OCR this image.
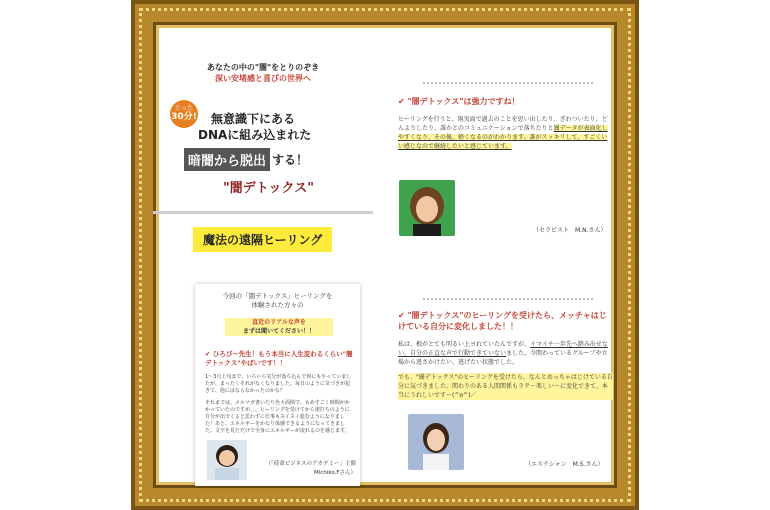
あなたの中の"闇"をとりのぞき
深い安堵感と喜びの世界へ
たった
30分! 無意識下にある
DNAに組み込まれた
暗闇から脱出 する！
"闇デトックス"
魔法の遠隔ヒーリング
今回の「闇デトックス」ヒーリングを
体験された方々の
直近のリアルな声を
まずは聞いてください！！
✔ ひろぴ〜先生！もう本当に人生変わるくらい"闇デトックス"やばいです！！
1〜3月上旬まで、いろいろ気分が落ち込んで何にもやっていましたが、まったくそれがなくなりました。毎日のように気づきが起きて、他にはならなかったのかな？
それまでは、メルマガ書いたり色々面倒で、もめすごく時間がかかっていたのですが、、、ヒーリングを受けてから速打ちのように自分が出でくると思わずに仕事もスイスイ進むようになりました！あと、エネルギーをかなり体感できるようになってきました。文字を見ただけで全身にエネルギーが流れるのを感じます。
（「使命ビジネスのアカデミー」主催　Michiko.Fさん）
✔ "闇デトックス"は強力ですね！
ヒーリングを行うと、現実面で過去のことを思い出したり、ざわついたり、どんよりしたり、誰かとのコミュニケーションで落ちたりと闇データが表面化しやすくなり、その後、軽くなるのがわかります。誰がスッキリして、すごくいい感じなので継続したいと感じています。
（セラピスト　M.N.さん）
✔ "闇デトックス"のヒーリングを受けたら、メッチャはじけている自分に変化しました！！
私は、根がとても明るい上ヨれていたんですが、イマイチ一歩先へ踏み出せない、自分の正直な声で行動できていないました。今関わっているグループや立場から逃さかけたい、逃げたい状態でした。
でも、"闇デトックス"のヒーリングを受けたら、なんとめっちゃはじけている自分に気づきました。関わりのある人間関係もラク〜楽しい〜に変化できて、本当にうれしいです〜(^o^)／
（エステシャン　M.S.さん）
